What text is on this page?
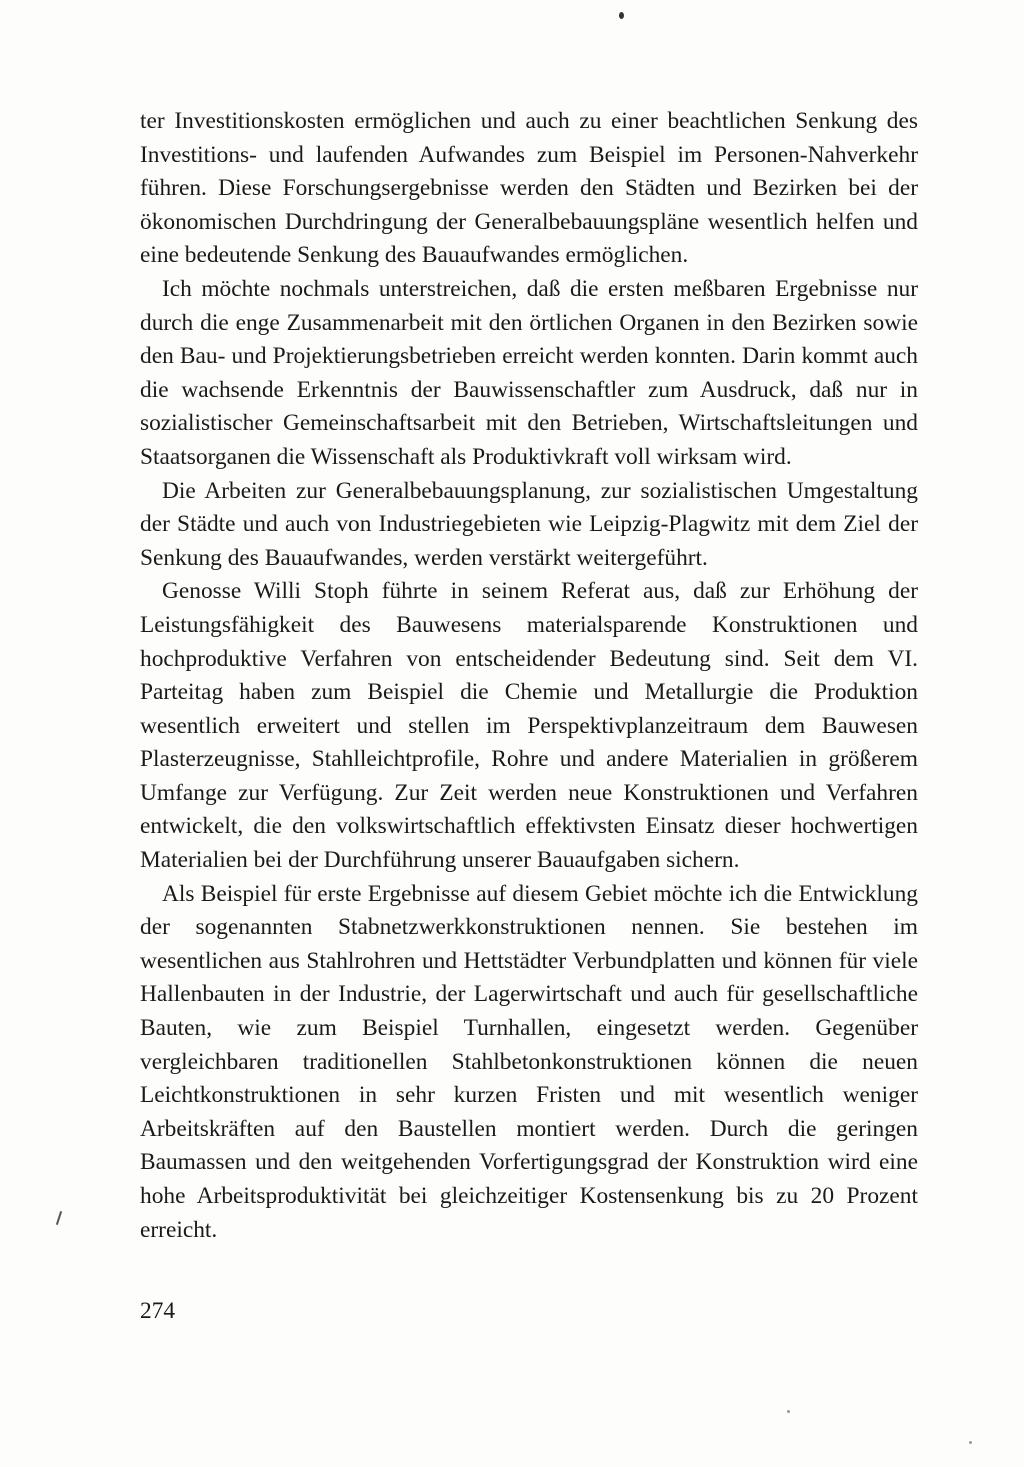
ter Investitionskosten ermöglichen und auch zu einer beachtlichen Senkung des Investitions- und laufenden Aufwandes zum Beispiel im Personen-Nahverkehr führen. Diese Forschungsergebnisse werden den Städten und Bezirken bei der ökonomischen Durchdringung der Generalbebauungspläne wesentlich helfen und eine bedeutende Senkung des Bauaufwandes ermöglichen.

Ich möchte nochmals unterstreichen, daß die ersten meßbaren Ergebnisse nur durch die enge Zusammenarbeit mit den örtlichen Organen in den Bezirken sowie den Bau- und Projektierungsbetrieben erreicht werden konnten. Darin kommt auch die wachsende Erkenntnis der Bauwissenschaftler zum Ausdruck, daß nur in sozialistischer Gemeinschaftsarbeit mit den Betrieben, Wirtschaftsleitungen und Staatsorganen die Wissenschaft als Produktivkraft voll wirksam wird.

Die Arbeiten zur Generalbebauungsplanung, zur sozialistischen Umgestaltung der Städte und auch von Industriegebieten wie Leipzig-Plagwitz mit dem Ziel der Senkung des Bauaufwandes, werden verstärkt weitergeführt.

Genosse Willi Stoph führte in seinem Referat aus, daß zur Erhöhung der Leistungsfähigkeit des Bauwesens materialsparende Konstruktionen und hochproduktive Verfahren von entscheidender Bedeutung sind. Seit dem VI. Parteitag haben zum Beispiel die Chemie und Metallurgie die Produktion wesentlich erweitert und stellen im Perspektivplanzeitraum dem Bauwesen Plasterzeugnisse, Stahlleichtprofile, Rohre und andere Materialien in größerem Umfange zur Verfügung. Zur Zeit werden neue Konstruktionen und Verfahren entwickelt, die den volkswirtschaftlich effektivsten Einsatz dieser hochwertigen Materialien bei der Durchführung unserer Bauaufgaben sichern.

Als Beispiel für erste Ergebnisse auf diesem Gebiet möchte ich die Entwicklung der sogenannten Stabnetzwerkkonstruktionen nennen. Sie bestehen im wesentlichen aus Stahlrohren und Hettstädter Verbundplatten und können für viele Hallenbauten in der Industrie, der Lagerwirtschaft und auch für gesellschaftliche Bauten, wie zum Beispiel Turnhallen, eingesetzt werden. Gegenüber vergleichbaren traditionellen Stahlbetonkonstruktionen können die neuen Leichtkonstruktionen in sehr kurzen Fristen und mit wesentlich weniger Arbeitskräften auf den Baustellen montiert werden. Durch die geringen Baumassen und den weitgehenden Vorfertigungsgrad der Konstruktion wird eine hohe Arbeitsproduktivität bei gleichzeitiger Kostensenkung bis zu 20 Prozent erreicht.

274
